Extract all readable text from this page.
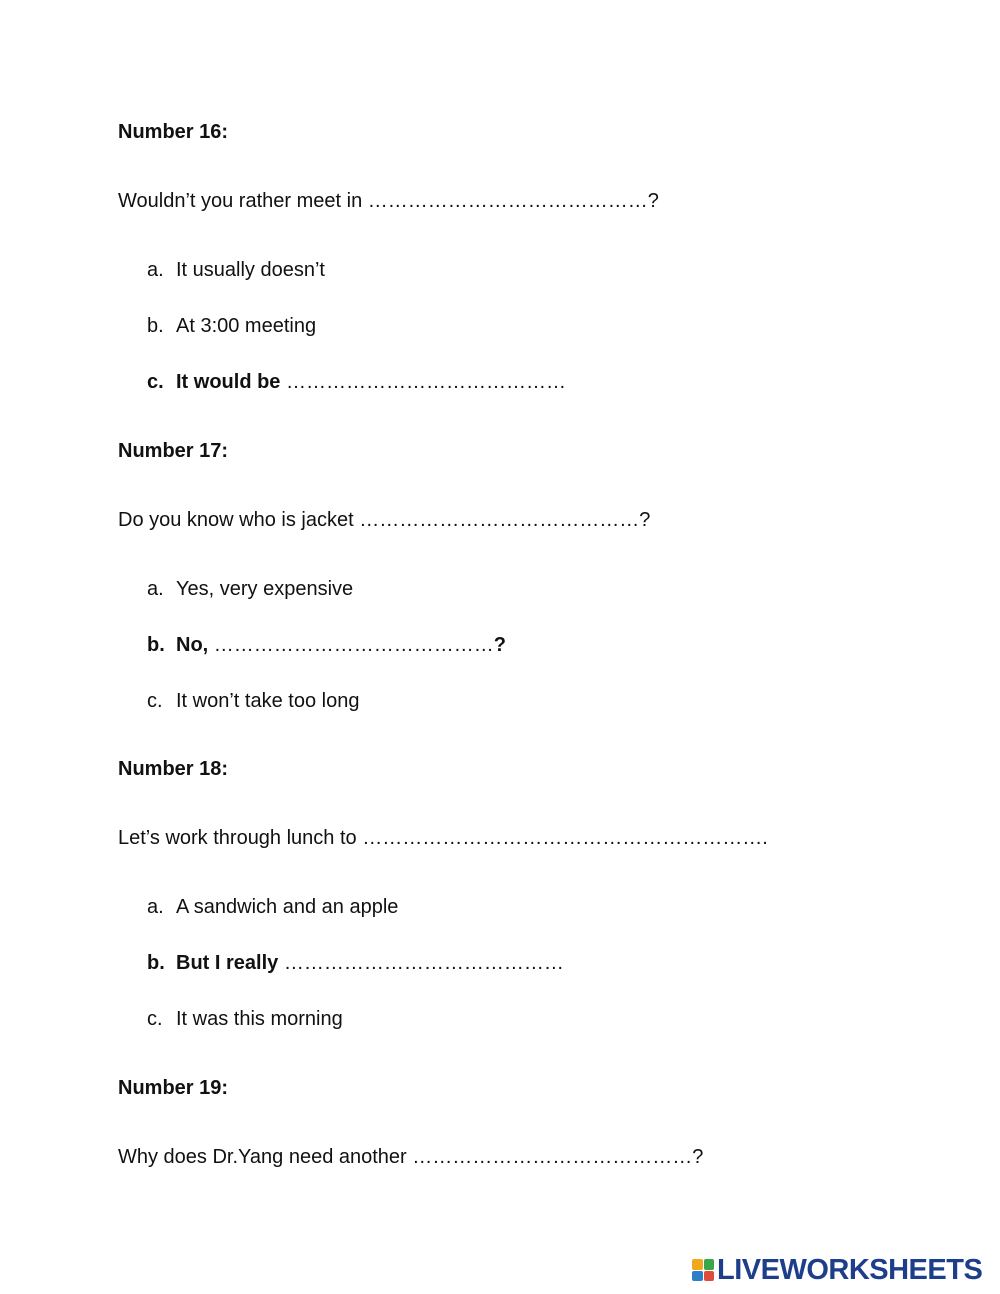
Number 16:
Wouldn’t you rather meet in ……………………………………?
a. It usually doesn’t
b. At 3:00 meeting
c. It would be ……………………………………
Number 17:
Do you know who is jacket ……………………………………?
a. Yes, very expensive
b. No, ……………………………………?
c. It won’t take too long
Number 18:
Let’s work through lunch to …………………………………………………….
a. A sandwich and an apple
b. But I really ……………………………………
c. It was this morning
Number 19:
Why does Dr.Yang need another ……………………………………?
LIVEWORKSHEETS
